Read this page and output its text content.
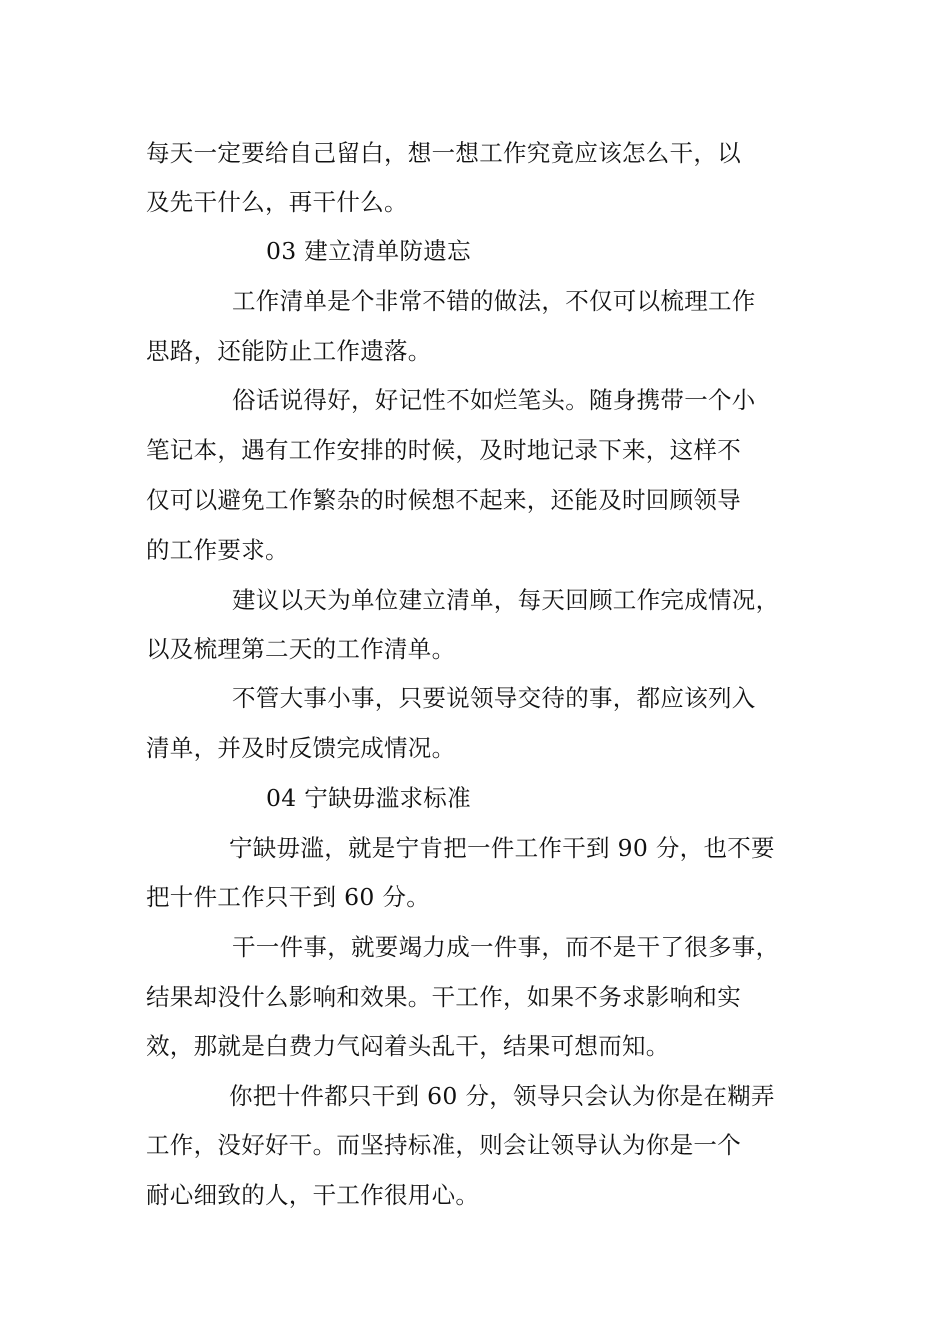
每天一定要给自己留白，想一想工作究竟应该怎么干，以
及先干什么，再干什么。
03 建立清单防遗忘
工作清单是个非常不错的做法，不仅可以梳理工作
思路，还能防止工作遗落。
俗话说得好，好记性不如烂笔头。随身携带一个小
笔记本，遇有工作安排的时候，及时地记录下来，这样不
仅可以避免工作繁杂的时候想不起来，还能及时回顾领导
的工作要求。
建议以天为单位建立清单，每天回顾工作完成情况，
以及梳理第二天的工作清单。
不管大事小事，只要说领导交待的事，都应该列入
清单，并及时反馈完成情况。
04 宁缺毋滥求标准
宁缺毋滥，就是宁肯把一件工作干到 90 分，也不要
把十件工作只干到 60 分。
干一件事，就要竭力成一件事，而不是干了很多事，
结果却没什么影响和效果。干工作，如果不务求影响和实
效，那就是白费力气闷着头乱干，结果可想而知。
你把十件都只干到 60 分，领导只会认为你是在糊弄
工作，没好好干。而坚持标准，则会让领导认为你是一个
耐心细致的人，干工作很用心。
